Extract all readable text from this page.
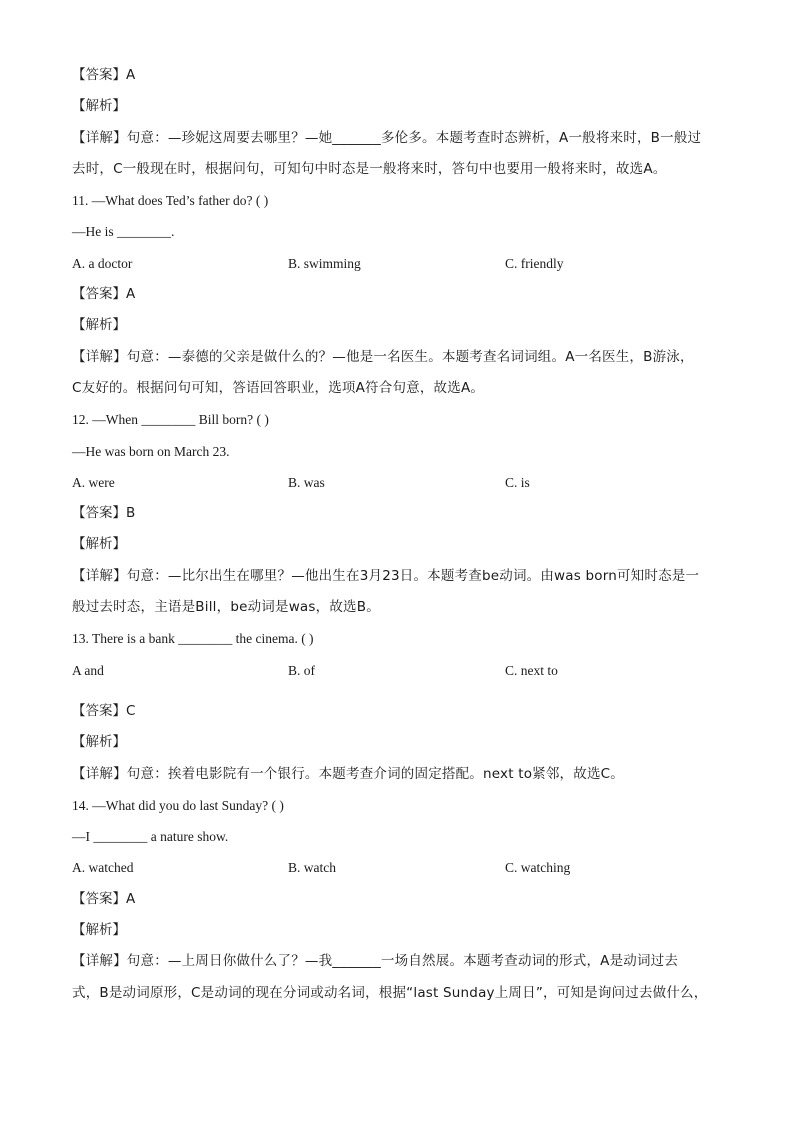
【答案】A
【解析】
【详解】句意：—珍妮这周要去哪里？—她_______多伦多。本题考查时态辨析，A一般将来时，B一般过
去时，C一般现在时，根据问句，可知句中时态是一般将来时，答句中也要用一般将来时，故选A。
11. —What does Ted’s father do? ( )
—He is ________.
A. a doctor	B. swimming	C. friendly
【答案】A
【解析】
【详解】句意：—泰德的父亲是做什么的？—他是一名医生。本题考查名词词组。A一名医生，B游泳，
C友好的。根据问句可知，答语回答职业，选项A符合句意，故选A。
12. —When ________ Bill born? ( )
—He was born on March 23.
A. were	B. was	C. is
【答案】B
【解析】
【详解】句意：—比尔出生在哪里？—他出生在3月23日。本题考查be动词。由was born可知时态是一
般过去时态，主语是Bill，be动词是was，故选B。
13. There is a bank ________ the cinema. ( )
A and	B. of	C. next to
【答案】C
【解析】
【详解】句意：挨着电影院有一个银行。本题考查介词的固定搭配。next to紧邻，故选C。
14. —What did you do last Sunday? ( )
—I ________ a nature show.
A. watched	B. watch	C. watching
【答案】A
【解析】
【详解】句意：—上周日你做什么了？—我_______一场自然展。本题考查动词的形式，A是动词过去
式，B是动词原形，C是动词的现在分词或动名词，根据“last Sunday上周日”，可知是询问过去做什么，
